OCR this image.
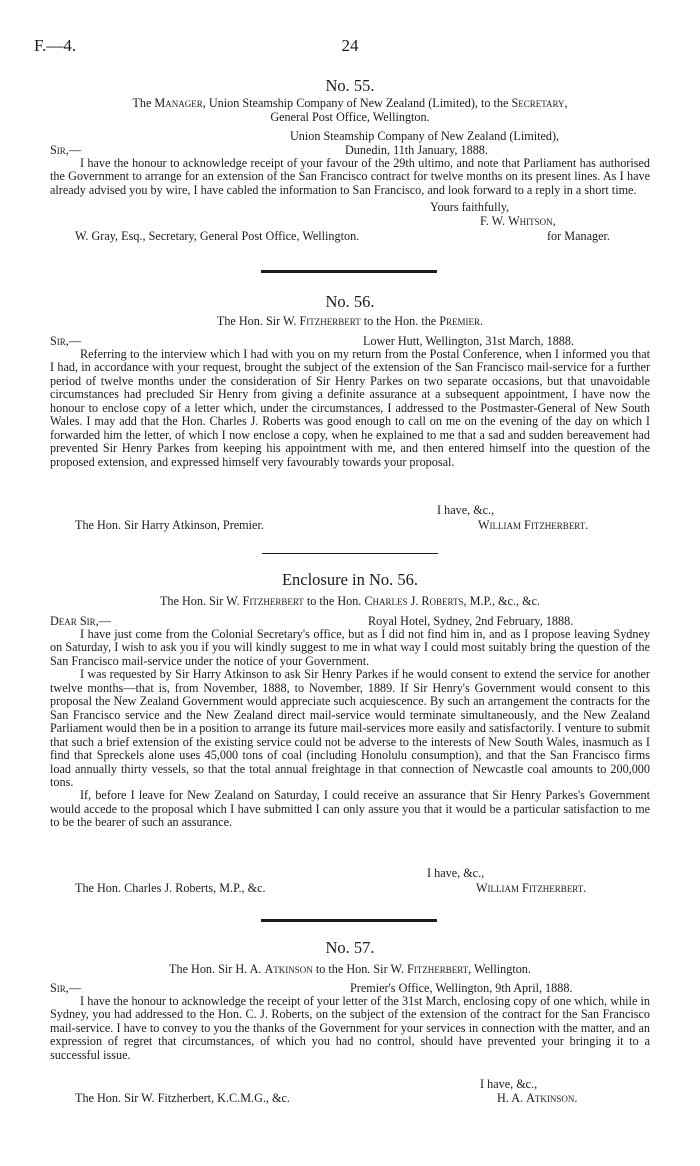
F.—4.	24
No. 55.
The Manager, Union Steamship Company of New Zealand (Limited), to the Secretary,
General Post Office, Wellington.
Union Steamship Company of New Zealand (Limited),
Sir,—	Dunedin, 11th January, 1888.

I have the honour to acknowledge receipt of your favour of the 29th ultimo, and note that Parliament has authorised the Government to arrange for an extension of the San Francisco contract for twelve months on its present lines. As I have already advised you by wire, I have cabled the information to San Francisco, and look forward to a reply in a short time.

Yours faithfully,
F. W. Whitson,
W. Gray, Esq., Secretary, General Post Office, Wellington.	for Manager.
No. 56.
The Hon. Sir W. Fitzherbert to the Hon. the Premier.
Sir,—	Lower Hutt, Wellington, 31st March, 1888.

Referring to the interview which I had with you on my return from the Postal Conference, when I informed you that I had, in accordance with your request, brought the subject of the extension of the San Francisco mail-service for a further period of twelve months under the consideration of Sir Henry Parkes on two separate occasions, but that unavoidable circumstances had precluded Sir Henry from giving a definite assurance at a subsequent appointment, I have now the honour to enclose copy of a letter which, under the circumstances, I addressed to the Postmaster-General of New South Wales. I may add that the Hon. Charles J. Roberts was good enough to call on me on the evening of the day on which I forwarded him the letter, of which I now enclose a copy, when he explained to me that a sad and sudden bereavement had prevented Sir Henry Parkes from keeping his appointment with me, and then entered himself into the question of the proposed extension, and expressed himself very favourably towards your proposal.

I have, &c.,
The Hon. Sir Harry Atkinson, Premier.	William Fitzherbert.
Enclosure in No. 56.
The Hon. Sir W. Fitzherbert to the Hon. Charles J. Roberts, M.P., &c., &c.
Dear Sir,—	Royal Hotel, Sydney, 2nd February, 1888.

I have just come from the Colonial Secretary's office, but as I did not find him in, and as I propose leaving Sydney on Saturday, I wish to ask you if you will kindly suggest to me in what way I could most suitably bring the question of the San Francisco mail-service under the notice of your Government.

I was requested by Sir Harry Atkinson to ask Sir Henry Parkes if he would consent to extend the service for another twelve months—that is, from November, 1888, to November, 1889. If Sir Henry's Government would consent to this proposal the New Zealand Government would appreciate such acquiescence. By such an arrangement the contracts for the San Francisco service and the New Zealand direct mail-service would terminate simultaneously, and the New Zealand Parliament would then be in a position to arrange its future mail-services more easily and satisfactorily. I venture to submit that such a brief extension of the existing service could not be adverse to the interests of New South Wales, inasmuch as I find that Spreckels alone uses 45,000 tons of coal (including Honolulu consumption), and that the San Francisco firms load annually thirty vessels, so that the total annual freightage in that connection of Newcastle coal amounts to 200,000 tons.

If, before I leave for New Zealand on Saturday, I could receive an assurance that Sir Henry Parkes's Government would accede to the proposal which I have submitted I can only assure you that it would be a particular satisfaction to me to be the bearer of such an assurance.

I have, &c.,
The Hon. Charles J. Roberts, M.P., &c.	William Fitzherbert.
No. 57.
The Hon. Sir H. A. Atkinson to the Hon. Sir W. Fitzherbert, Wellington.
Sir,—	Premier's Office, Wellington, 9th April, 1888.

I have the honour to acknowledge the receipt of your letter of the 31st March, enclosing copy of one which, while in Sydney, you had addressed to the Hon. C. J. Roberts, on the subject of the extension of the contract for the San Francisco mail-service. I have to convey to you the thanks of the Government for your services in connection with the matter, and an expression of regret that circumstances, of which you had no control, should have prevented your bringing it to a successful issue.

I have, &c.,
The Hon. Sir W. Fitzherbert, K.C.M.G., &c.	H. A. Atkinson.
